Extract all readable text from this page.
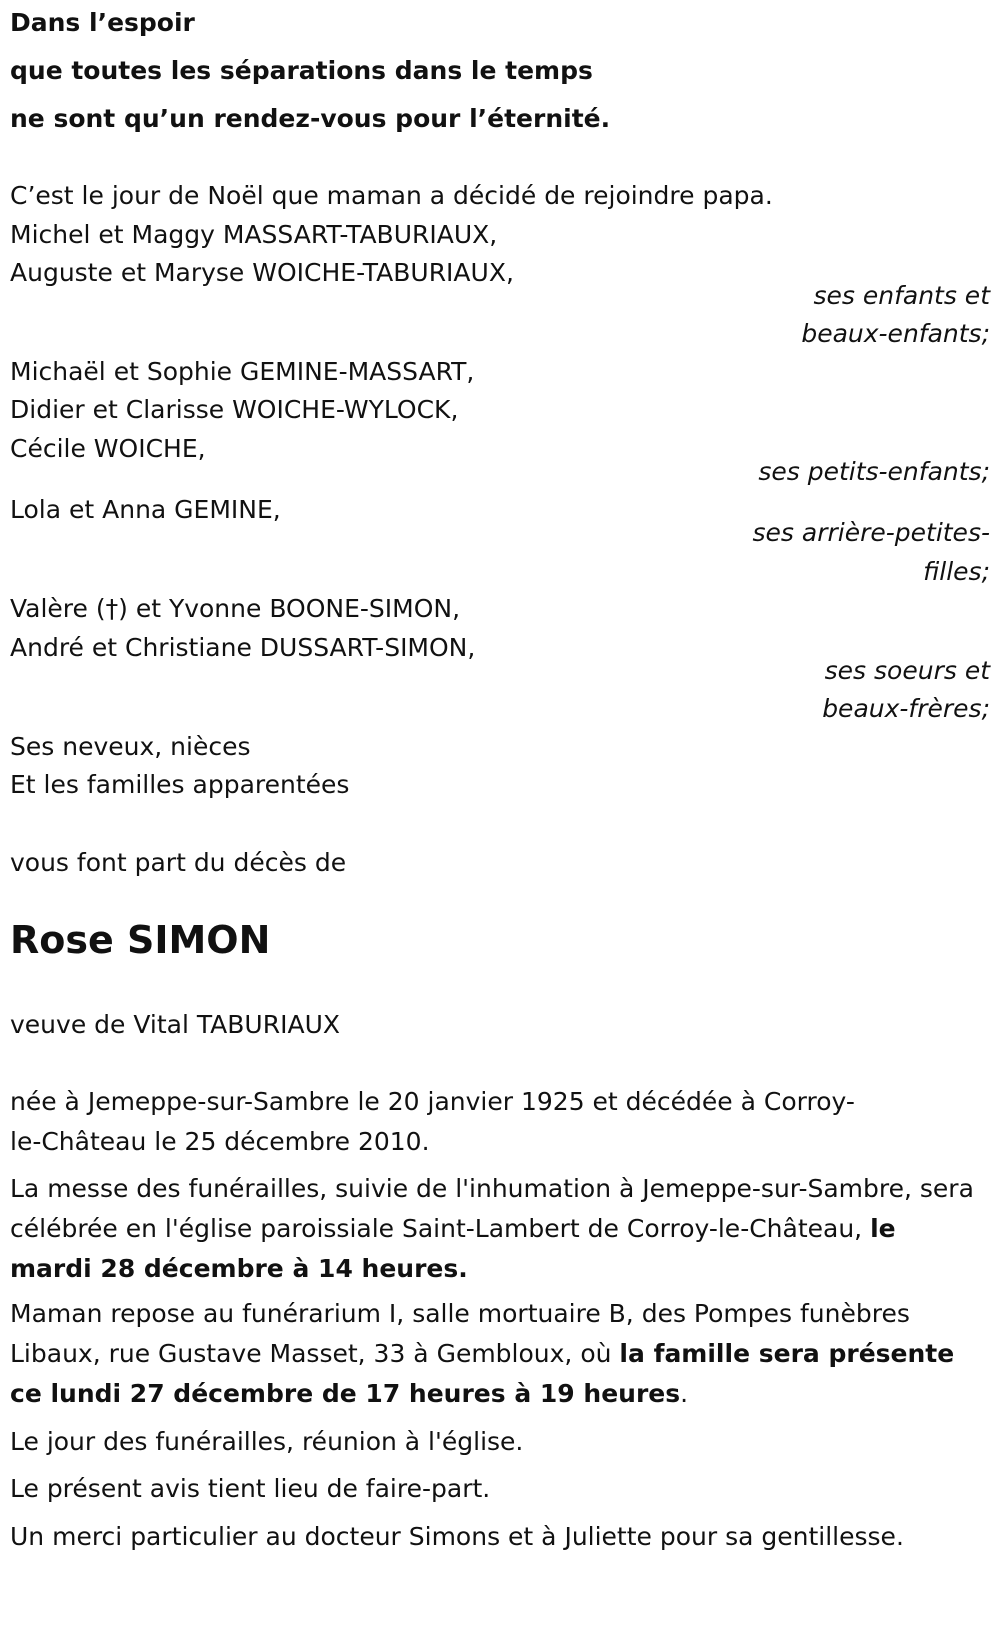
Dans l’espoir
que toutes les séparations dans le temps
ne sont qu’un rendez-vous pour l’éternité.
C’est le jour de Noël que maman a décidé de rejoindre papa.
Michel et Maggy MASSART-TABURIAUX,
Auguste et Maryse WOICHE-TABURIAUX,
ses enfants et
beaux-enfants;
Michaël et Sophie GEMINE-MASSART,
Didier et Clarisse WOICHE-WYLOCK,
Cécile WOICHE,
ses petits-enfants;
Lola et Anna GEMINE,
ses arrière-petites-
filles;
Valère (†) et Yvonne BOONE-SIMON,
André et Christiane DUSSART-SIMON,
ses soeurs et
beaux-frères;
Ses neveux, nièces
Et les familles apparentées
vous font part du décès de
Rose SIMON
veuve de Vital TABURIAUX
née à Jemeppe-sur-Sambre le 20 janvier 1925 et décédée à Corroy-le-Château le 25 décembre 2010.
La messe des funérailles, suivie de l'inhumation à Jemeppe-sur-Sambre, sera célébrée en l'église paroissiale Saint-Lambert de Corroy-le-Château, le mardi 28 décembre à 14 heures.
Maman repose au funérarium I, salle mortuaire B, des Pompes funèbres Libaux, rue Gustave Masset, 33 à Gembloux, où la famille sera présente ce lundi 27 décembre de 17 heures à 19 heures.
Le jour des funérailles, réunion à l'église.
Le présent avis tient lieu de faire-part.
Un merci particulier au docteur Simons et à Juliette pour sa gentillesse.
